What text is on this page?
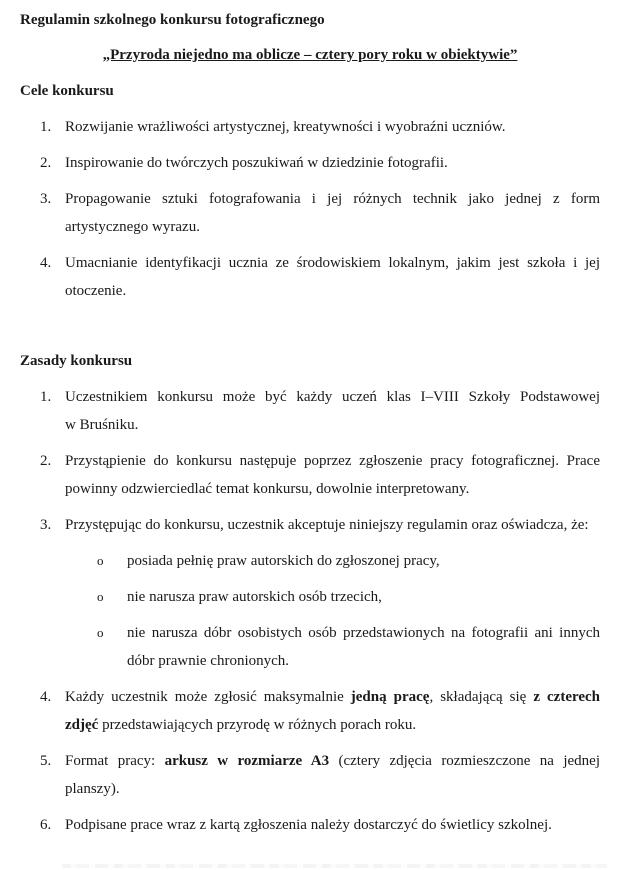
Regulamin szkolnego konkursu fotograficznego
„Przyroda niejedno ma oblicze – cztery pory roku w obiektywie”
Cele konkursu
1. Rozwijanie wrażliwości artystycznej, kreatywności i wyobraźni uczniów.
2. Inspirowanie do twórczych poszukiwań w dziedzinie fotografii.
3. Propagowanie sztuki fotografowania i jej różnych technik jako jednej z form artystycznego wyrazu.
4. Umacnianie identyfikacji ucznia ze środowiskiem lokalnym, jakim jest szkoła i jej otoczenie.
Zasady konkursu
1. Uczestnikiem konkursu może być każdy uczeń klas I–VIII Szkoły Podstawowej w Bruśniku.
2. Przystąpienie do konkursu następuje poprzez zgłoszenie pracy fotograficznej. Prace powinny odzwierciedlać temat konkursu, dowolnie interpretowany.
3. Przystępując do konkursu, uczestnik akceptuje niniejszy regulamin oraz oświadcza, że:
o	posiada pełnię praw autorskich do zgłoszonej pracy,
o	nie narusza praw autorskich osób trzecich,
o	nie narusza dóbr osobistych osób przedstawionych na fotografii ani innych dóbr prawnie chronionych.
4. Każdy uczestnik może zgłosić maksymalnie jedną pracę, składającą się z czterech zdjęć przedstawiających przyrodę w różnych porach roku.
5. Format pracy: arkusz w rozmiarze A3 (cztery zdjęcia rozmieszczone na jednej planszy).
6. Podpisane prace wraz z kartą zgłoszenia należy dostarczyć do świetlicy szkolnej.
